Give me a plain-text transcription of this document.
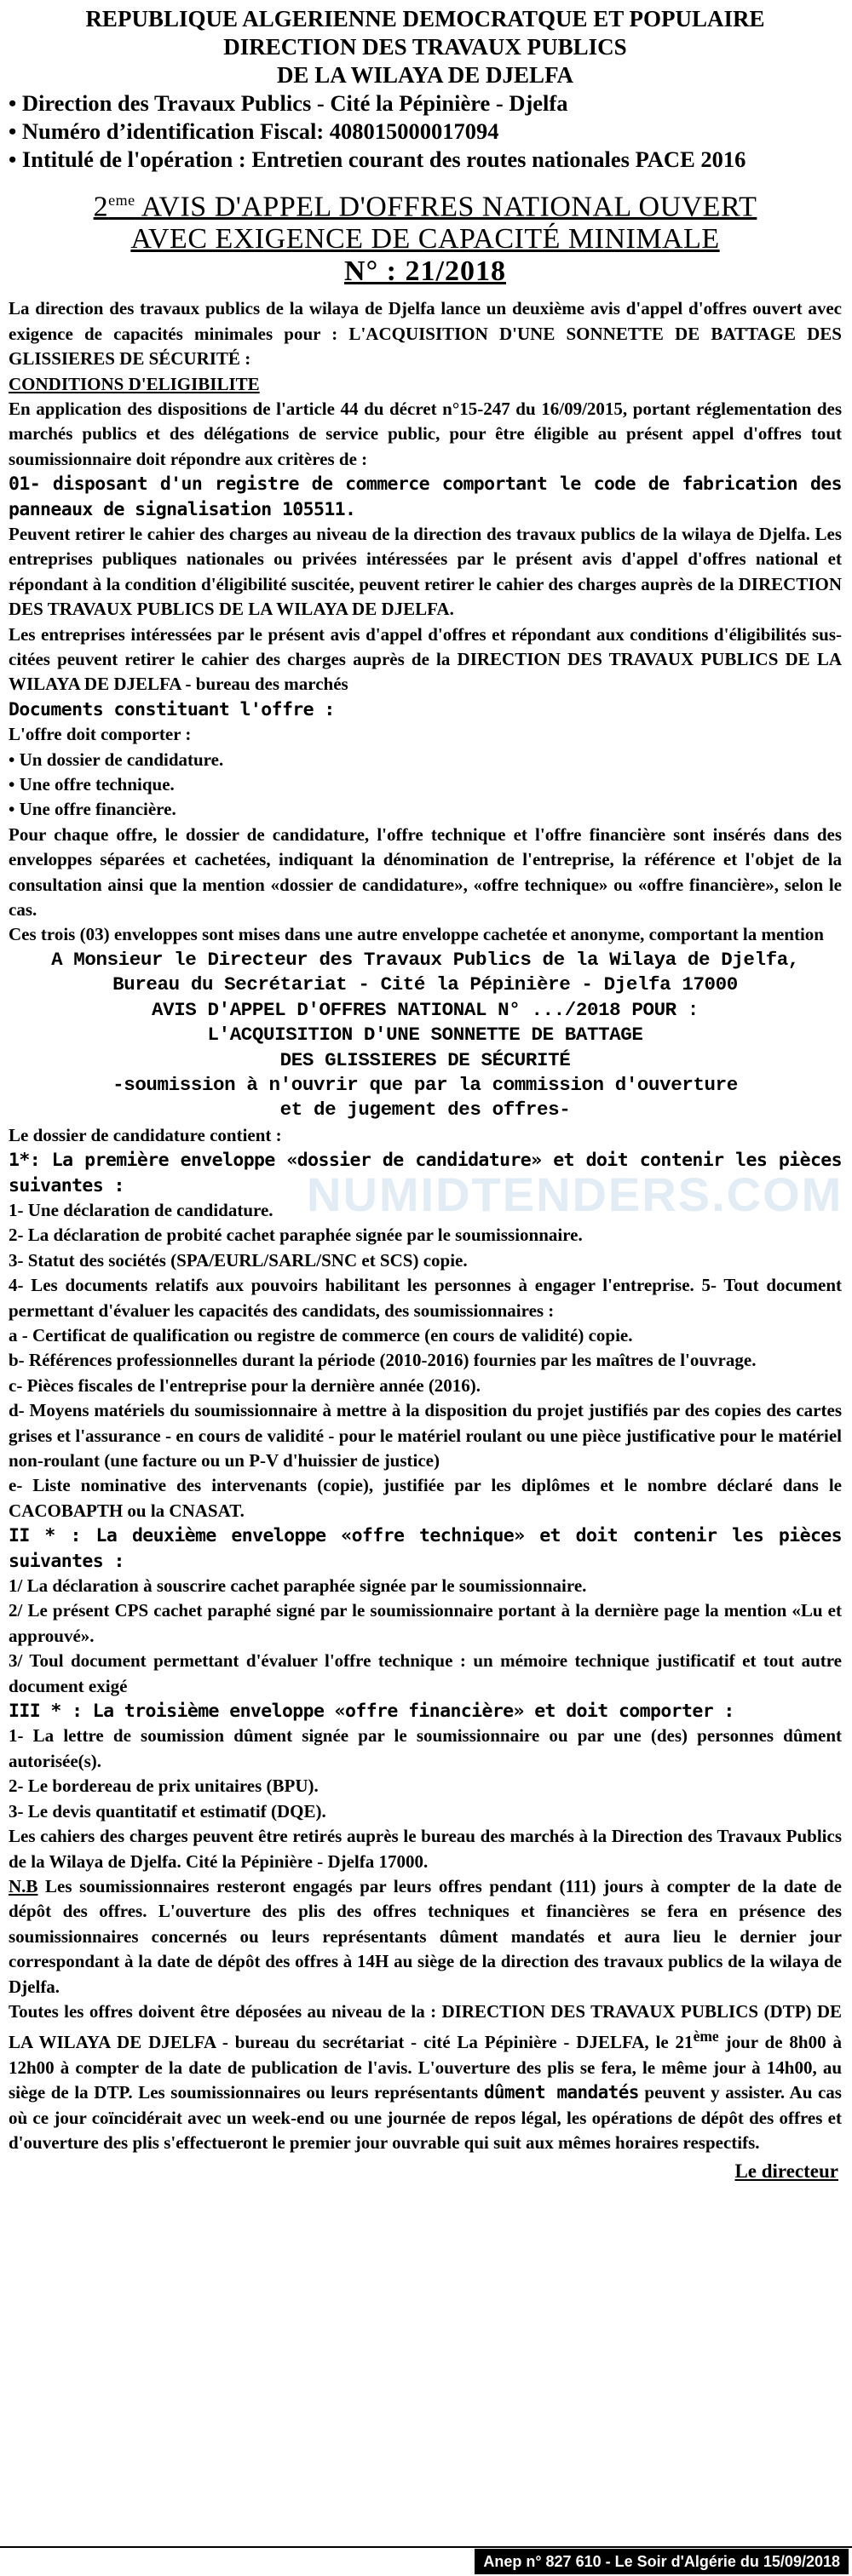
REPUBLIQUE ALGERIENNE DEMOCRATQUE ET POPULAIRE

DIRECTION DES TRAVAUX PUBLICS

DE LA WILAYA DE DJELFA

• Direction des Travaux Publics - Cité la Pépinière - Djelfa

• Numéro d’identification Fiscal: 408015000017094

• Intitulé de l'opération : Entretien courant des routes nationales PACE 2016

2eme AVIS D'APPEL D'OFFRES NATIONAL OUVERT
AVEC EXIGENCE DE CAPACITÉ MINIMALE

N° : 21/2018

La direction des travaux publics de la wilaya de Djelfa lance un deuxième avis d'appel d'offres ouvert avec exigence de capacités minimales pour : L'ACQUISITION D'UNE SONNETTE DE BATTAGE DES GLISSIERES DE SÉCURITÉ :

CONDITIONS D'ELIGIBILITE

En application des dispositions de l'article 44 du décret n°15-247 du 16/09/2015, portant réglementation des marchés publics et des délégations de service public, pour être éligible au présent appel d'offres tout soumissionnaire doit répondre aux critères de :

01- disposant d'un registre de commerce comportant le code de fabrication des panneaux de signalisation 105511.

Peuvent retirer le cahier des charges au niveau de la direction des travaux publics de la wilaya de Djelfa. Les entreprises publiques nationales ou privées intéressées par le présent avis d'appel d'offres national et répondant à la condition d'éligibilité suscitée, peuvent retirer le cahier des charges auprès de la DIRECTION DES TRAVAUX PUBLICS DE LA WILAYA DE DJELFA.

Les entreprises intéressées par le présent avis d'appel d'offres et répondant aux conditions d'éligibilités sus-citées peuvent retirer le cahier des charges auprès de la DIRECTION DES TRAVAUX PUBLICS DE LA WILAYA DE DJELFA - bureau des marchés

Documents constituant l'offre :

L'offre doit comporter :

• Un dossier de candidature.

• Une offre technique.

• Une offre financière.

Pour chaque offre, le dossier de candidature, l'offre technique et l'offre financière sont insérés dans des enveloppes séparées et cachetées, indiquant la dénomination de l'entreprise, la référence et l'objet de la consultation ainsi que la mention «dossier de candidature», «offre technique» ou «offre financière», selon le cas.

Ces trois (03) enveloppes sont mises dans une autre enveloppe cachetée et anonyme, comportant la mention

A Monsieur le Directeur des Travaux Publics de la Wilaya de Djelfa,

Bureau du Secrétariat - Cité la Pépinière - Djelfa 17000

AVIS D'APPEL D'OFFRES NATIONAL N° .../2018 POUR :

L'ACQUISITION D'UNE SONNETTE DE BATTAGE

DES GLISSIERES DE SÉCURITÉ

-soumission à n'ouvrir que par la commission d'ouverture

et de jugement des offres-

Le dossier de candidature contient :

1*: La première enveloppe «dossier de candidature» et doit contenir les pièces suivantes :

1- Une déclaration de candidature.

2- La déclaration de probité cachet paraphée signée par le soumissionnaire.

3- Statut des sociétés (SPA/EURL/SARL/SNC et SCS) copie.

4- Les documents relatifs aux pouvoirs habilitant les personnes à engager l'entreprise. 5- Tout document permettant d'évaluer les capacités des candidats, des soumissionnaires :

a - Certificat de qualification ou registre de commerce (en cours de validité) copie.

b- Références professionnelles durant la période (2010-2016) fournies par les maîtres de l'ouvrage.

c- Pièces fiscales de l'entreprise pour la dernière année (2016).

d- Moyens matériels du soumissionnaire à mettre à la disposition du projet justifiés par des copies des cartes grises et l'assurance - en cours de validité - pour le matériel roulant ou une pièce justificative pour le matériel non-roulant (une facture ou un P-V d'huissier de justice)

e- Liste nominative des intervenants (copie), justifiée par les diplômes et le nombre déclaré dans le CACOBAPTH ou la CNASAT.

II * : La deuxième enveloppe «offre technique» et doit contenir les pièces suivantes :

1/ La déclaration à souscrire cachet paraphée signée par le soumissionnaire.

2/ Le présent CPS cachet paraphé signé par le soumissionnaire portant à la dernière page la mention «Lu et approuvé».

3/ Toul document permettant d'évaluer l'offre technique : un mémoire technique justificatif et tout autre document exigé

III * : La troisième enveloppe «offre financière» et doit comporter :

1- La lettre de soumission dûment signée par le soumissionnaire ou par une (des) personnes dûment autorisée(s).

2- Le bordereau de prix unitaires (BPU).

3- Le devis quantitatif et estimatif (DQE).

Les cahiers des charges peuvent être retirés auprès le bureau des marchés à la Direction des Travaux Publics de la Wilaya de Djelfa. Cité la Pépinière - Djelfa 17000.

N.B Les soumissionnaires resteront engagés par leurs offres pendant (111) jours à compter de la date de dépôt des offres. L'ouverture des plis des offres techniques et financières se fera en présence des soumissionnaires concernés ou leurs représentants dûment mandatés et aura lieu le dernier jour correspondant à la date de dépôt des offres à 14H au siège de la direction des travaux publics de la wilaya de Djelfa.

Toutes les offres doivent être déposées au niveau de la : DIRECTION DES TRAVAUX PUBLICS (DTP) DE LA WILAYA DE DJELFA - bureau du secrétariat - cité La Pépinière - DJELFA, le 21ème jour de 8h00 à 12h00 à compter de la date de publication de l'avis. L'ouverture des plis se fera, le même jour à 14h00, au siège de la DTP. Les soumissionnaires ou leurs représentants dûment mandatés peuvent y assister. Au cas où ce jour coïncidérait avec un week-end ou une journée de repos légal, les opérations de dépôt des offres et d'ouverture des plis s'effectueront le premier jour ouvrable qui suit aux mêmes horaires respectifs.

Le directeur

NUMIDTENDERS.COM
Anep n° 827 610 - Le Soir d'Algérie du 15/09/2018
